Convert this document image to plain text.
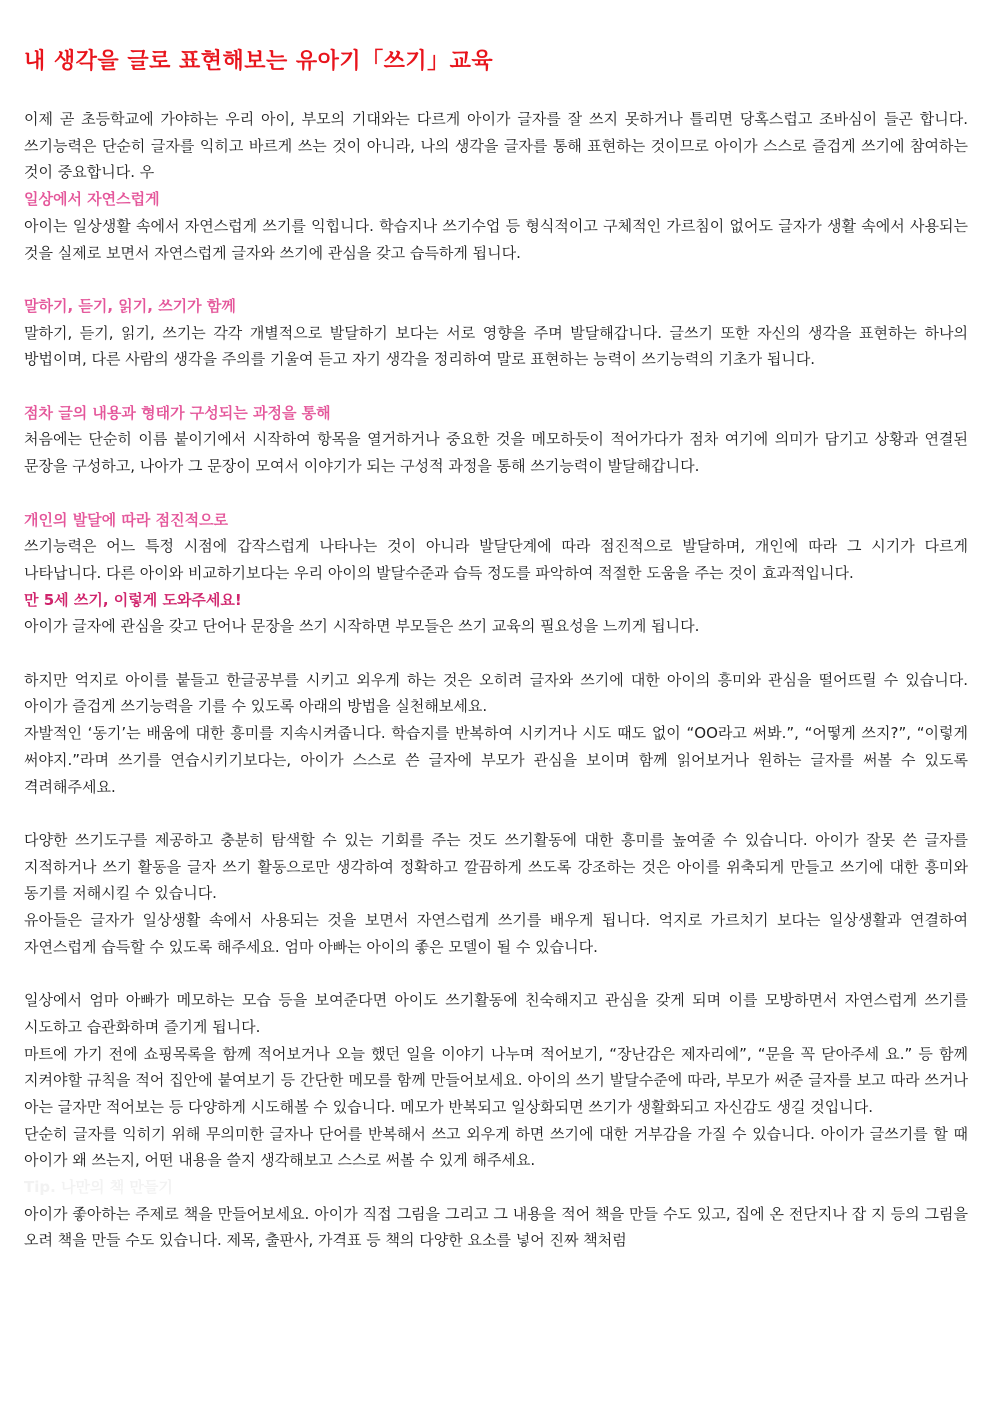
내 생각을 글로 표현해보는 유아기「쓰기」교육

이제 곧 초등학교에 가야하는 우리 아이, 부모의 기대와는 다르게 아이가 글자를 잘 쓰지 못하거나 틀리면 당혹스럽고 조바심이 들곤 합니다. 쓰기능력은 단순히 글자를 익히고 바르게 쓰는 것이 아니라, 나의 생각을 글자를 통해 표현하는 것이므로 아이가 스스로 즐겁게 쓰기에 참여하는 것이 중요합니다. 우

일상에서 자연스럽게

아이는 일상생활 속에서 자연스럽게 쓰기를 익힙니다. 학습지나 쓰기수업 등 형식적이고 구체적인 가르침이 없어도 글자가 생활 속에서 사용되는 것을 실제로 보면서 자연스럽게 글자와 쓰기에 관심을 갖고 습득하게 됩니다.

말하기, 듣기, 읽기, 쓰기가 함께

말하기, 듣기, 읽기, 쓰기는 각각 개별적으로 발달하기 보다는 서로 영향을 주며 발달해갑니다. 글쓰기 또한 자신의 생각을 표현하는 하나의 방법이며, 다른 사람의 생각을 주의를 기울여 듣고 자기 생각을 정리하여 말로 표현하는 능력이 쓰기능력의 기초가 됩니다.

점차 글의 내용과 형태가 구성되는 과정을 통해

처음에는 단순히 이름 붙이기에서 시작하여 항목을 열거하거나 중요한 것을 메모하듯이 적어가다가 점차 여기에 의미가 담기고 상황과 연결된 문장을 구성하고, 나아가 그 문장이 모여서 이야기가 되는 구성적 과정을 통해 쓰기능력이 발달해갑니다.

개인의 발달에 따라 점진적으로

쓰기능력은 어느 특정 시점에 갑작스럽게 나타나는 것이 아니라 발달단계에 따라 점진적으로 발달하며, 개인에 따라 그 시기가 다르게 나타납니다. 다른 아이와 비교하기보다는 우리 아이의 발달수준과 습득 정도를 파악하여 적절한 도움을 주는 것이 효과적입니다.

만 5세 쓰기, 이렇게 도와주세요!

아이가 글자에 관심을 갖고 단어나 문장을 쓰기 시작하면 부모들은 쓰기 교육의 필요성을 느끼게 됩니다.

하지만 억지로 아이를 붙들고 한글공부를 시키고 외우게 하는 것은 오히려 글자와 쓰기에 대한 아이의 흥미와 관심을 떨어뜨릴 수 있습니다. 아이가 즐겁게 쓰기능력을 기를 수 있도록 아래의 방법을 실천해보세요.

자발적인 ‘동기’는 배움에 대한 흥미를 지속시켜줍니다. 학습지를 반복하여 시키거나 시도 때도 없이 “OO라고 써봐.”, “어떻게 쓰지?”, “이렇게 써야지.”라며 쓰기를 연습시키기보다는, 아이가 스스로 쓴 글자에 부모가 관심을 보이며 함께 읽어보거나 원하는 글자를 써볼 수 있도록 격려해주세요.

다양한 쓰기도구를 제공하고 충분히 탐색할 수 있는 기회를 주는 것도 쓰기활동에 대한 흥미를 높여줄 수 있습니다. 아이가 잘못 쓴 글자를 지적하거나 쓰기 활동을 글자 쓰기 활동으로만 생각하여 정확하고 깔끔하게 쓰도록 강조하는 것은 아이를 위축되게 만들고 쓰기에 대한 흥미와 동기를 저해시킬 수 있습니다.

유아들은 글자가 일상생활 속에서 사용되는 것을 보면서 자연스럽게 쓰기를 배우게 됩니다. 억지로 가르치기 보다는 일상생활과 연결하여 자연스럽게 습득할 수 있도록 해주세요. 엄마 아빠는 아이의 좋은 모델이 될 수 있습니다.

일상에서 엄마 아빠가 메모하는 모습 등을 보여준다면 아이도 쓰기활동에 친숙해지고 관심을 갖게 되며 이를 모방하면서 자연스럽게 쓰기를 시도하고 습관화하며 즐기게 됩니다.

마트에 가기 전에 쇼핑목록을 함께 적어보거나 오늘 했던 일을 이야기 나누며 적어보기, “장난감은 제자리에”, “문을 꼭 닫아주세 요.” 등 함께 지켜야할 규칙을 적어 집안에 붙여보기 등 간단한 메모를 함께 만들어보세요. 아이의 쓰기 발달수준에 따라, 부모가 써준 글자를 보고 따라 쓰거나 아는 글자만 적어보는 등 다양하게 시도해볼 수 있습니다. 메모가 반복되고 일상화되면 쓰기가 생활화되고 자신감도 생길 것입니다.

단순히 글자를 익히기 위해 무의미한 글자나 단어를 반복해서 쓰고 외우게 하면 쓰기에 대한 거부감을 가질 수 있습니다. 아이가 글쓰기를 할 때 아이가 왜 쓰는지, 어떤 내용을 쓸지 생각해보고 스스로 써볼 수 있게 해주세요.

Tip. 나만의 책 만들기

아이가 좋아하는 주제로 책을 만들어보세요. 아이가 직접 그림을 그리고 그 내용을 적어 책을 만들 수도 있고, 집에 온 전단지나 잡 지 등의 그림을 오려 책을 만들 수도 있습니다. 제목, 출판사, 가격표 등 책의 다양한 요소를 넣어 진짜 책처럼
